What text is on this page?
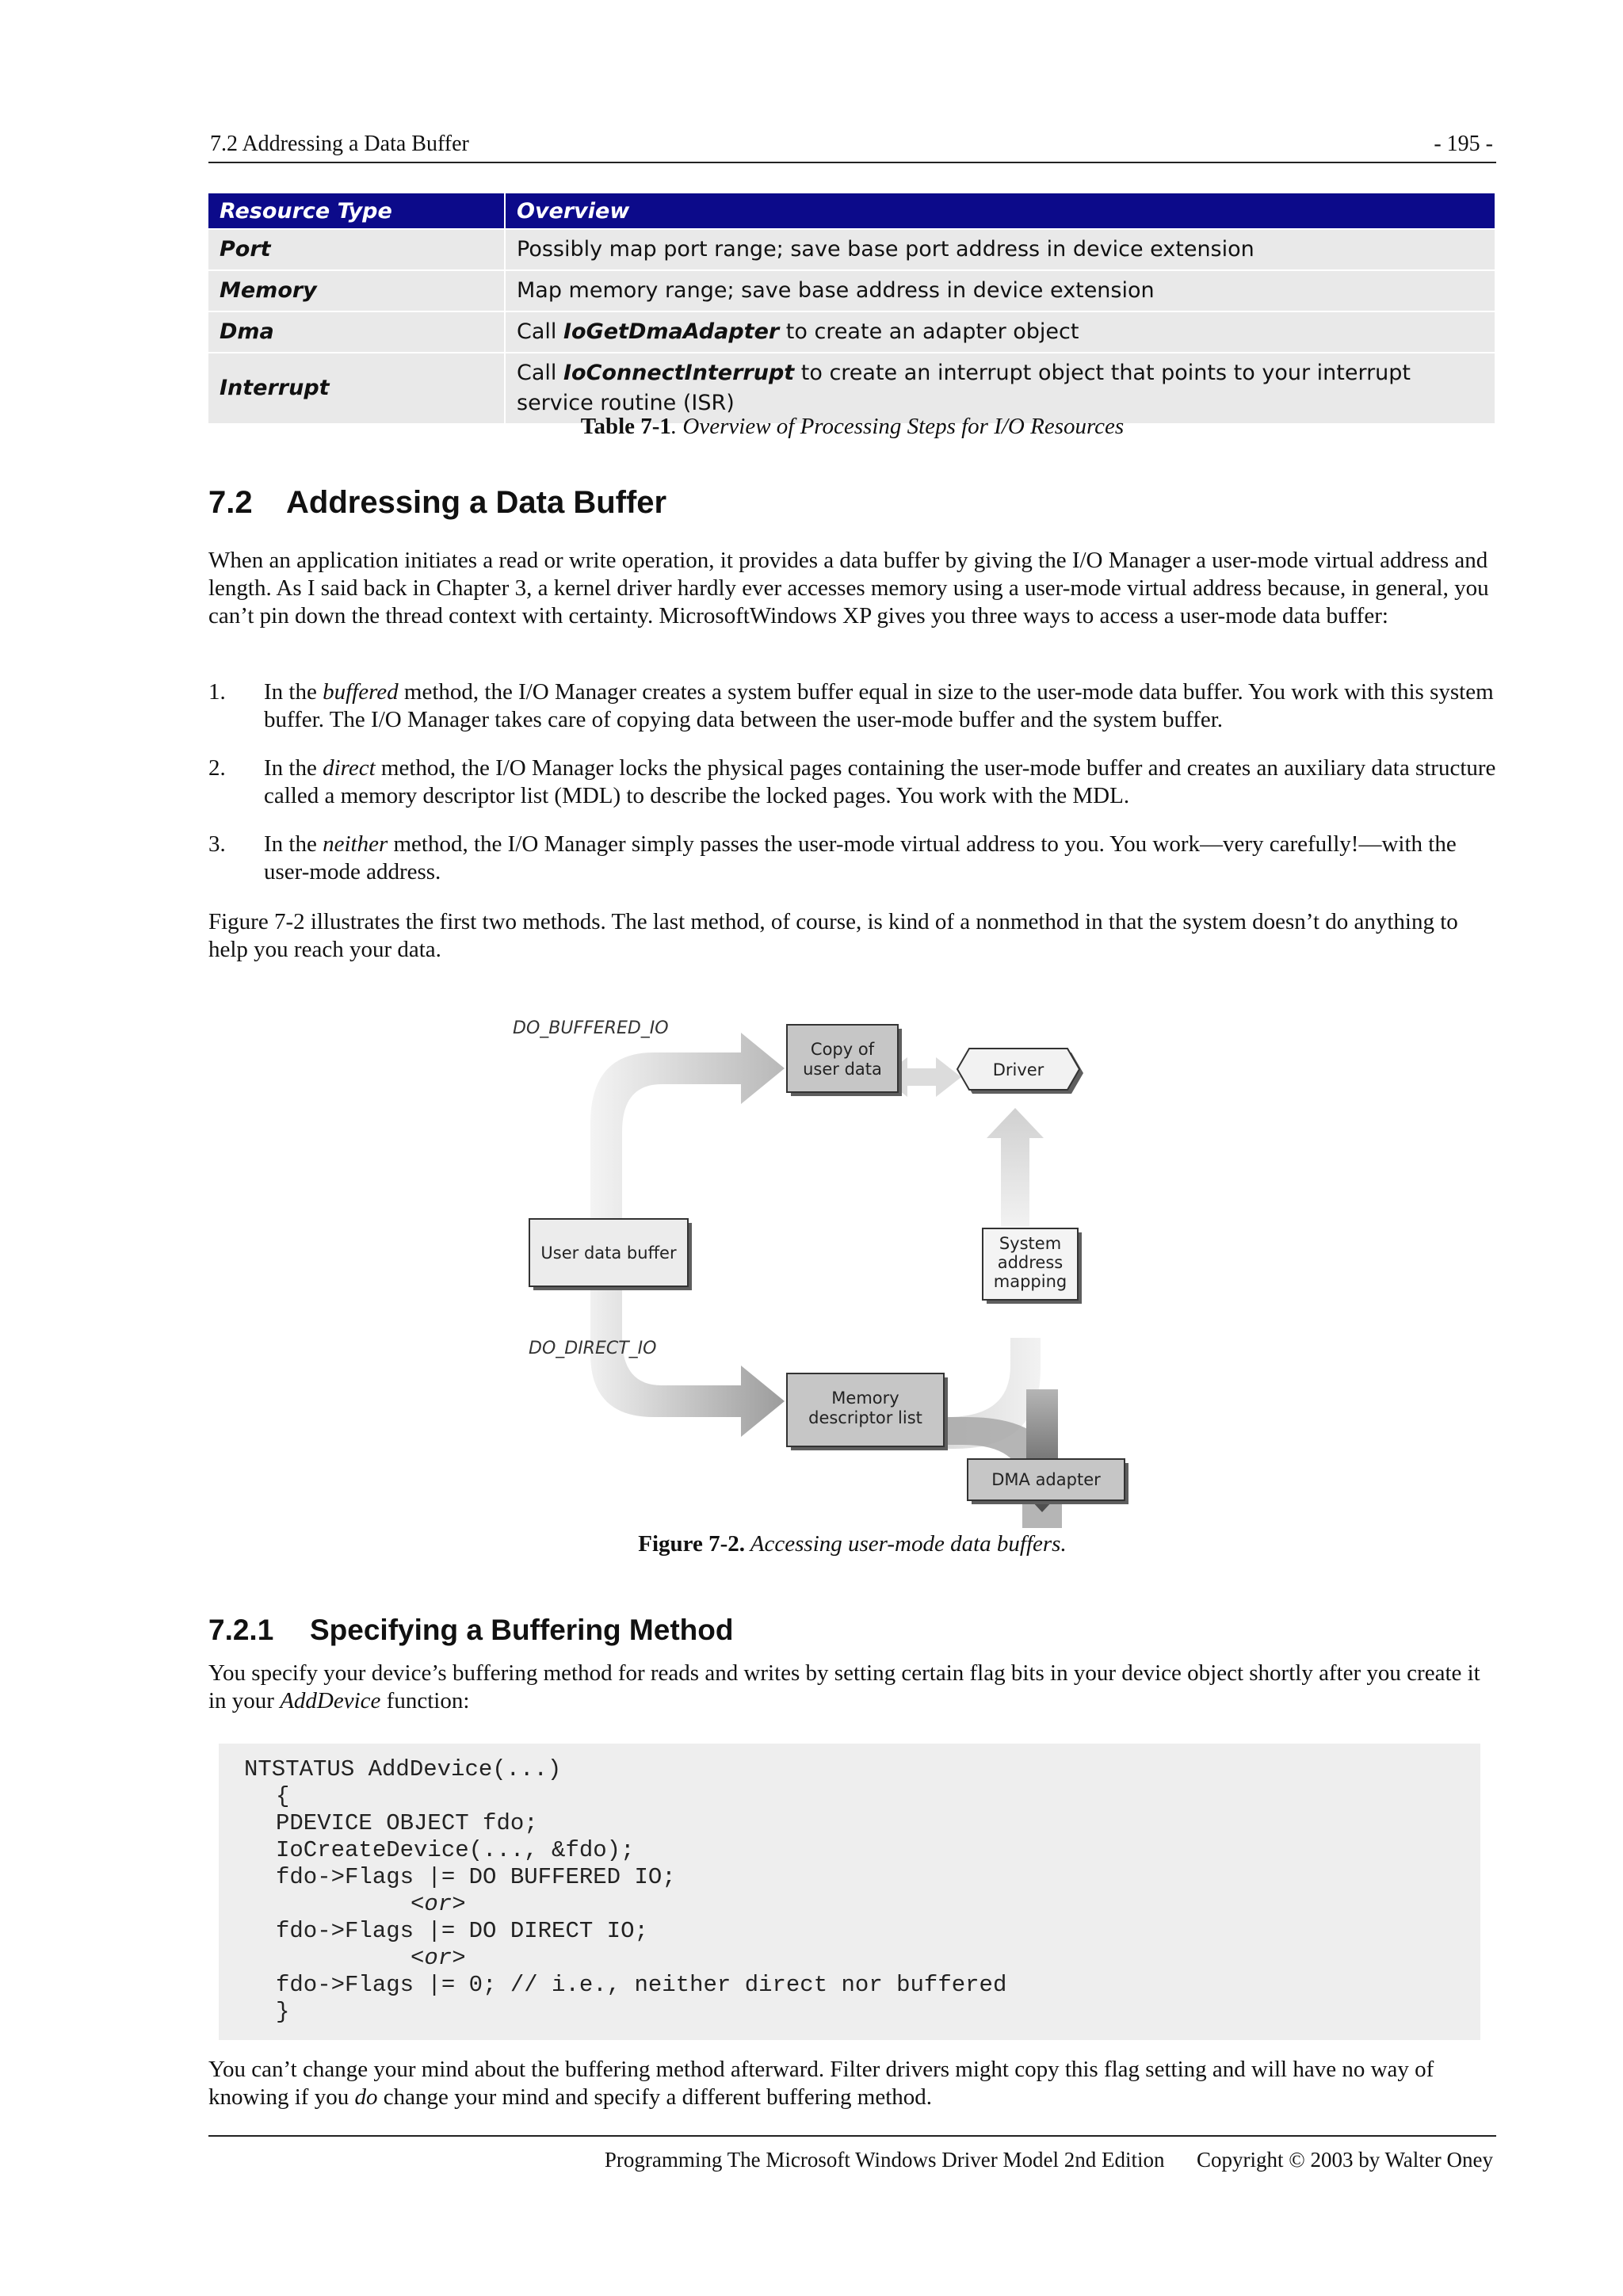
7.2 Addressing a Data Buffer	- 195 -
Resource Type	Overview
Port	Possibly map port range; save base port address in device extension
Memory	Map memory range; save base address in device extension
Dma	Call IoGetDmaAdapter to create an adapter object
Interrupt	Call IoConnectInterrupt to create an interrupt object that points to your interrupt service routine (ISR)
Table 7-1. Overview of Processing Steps for I/O Resources
7.2 Addressing a Data Buffer

When an application initiates a read or write operation, it provides a data buffer by giving the I/O Manager a user-mode virtual address and length. As I said back in Chapter 3, a kernel driver hardly ever accesses memory using a user-mode virtual address because, in general, you can’t pin down the thread context with certainty. MicrosoftWindows XP gives you three ways to access a user-mode data buffer:

1. In the buffered method, the I/O Manager creates a system buffer equal in size to the user-mode data buffer. You work with this system buffer. The I/O Manager takes care of copying data between the user-mode buffer and the system buffer.
2. In the direct method, the I/O Manager locks the physical pages containing the user-mode buffer and creates an auxiliary data structure called a memory descriptor list (MDL) to describe the locked pages. You work with the MDL.
3. In the neither method, the I/O Manager simply passes the user-mode virtual address to you. You work—very carefully!—with the user-mode address.

Figure 7-2 illustrates the first two methods. The last method, of course, is kind of a nonmethod in that the system doesn’t do anything to help you reach your data.

Copy of
user data	Driver
User data buffer	System
address
mapping
Memory
descriptor list
DMA adapter
DO_BUFFERED_IO
DO_DIRECT_IO
Figure 7-2. Accessing user-mode data buffers.
7.2.1 Specifying a Buffering Method

You specify your device’s buffering method for reads and writes by setting certain flag bits in your device object shortly after you create it in your AddDevice function:

NTSTATUS AddDevice(...)
{
PDEVICE OBJECT fdo;
IoCreateDevice(..., &fdo);
fdo->Flags |= DO BUFFERED IO;
<or>
fdo->Flags |= DO DIRECT IO;
<or>
fdo->Flags |= 0; // i.e., neither direct nor buffered
}

You can’t change your mind about the buffering method afterward. Filter drivers might copy this flag setting and will have no way of knowing if you do change your mind and specify a different buffering method.

Programming The Microsoft Windows Driver Model 2nd Edition      Copyright © 2003 by Walter Oney
